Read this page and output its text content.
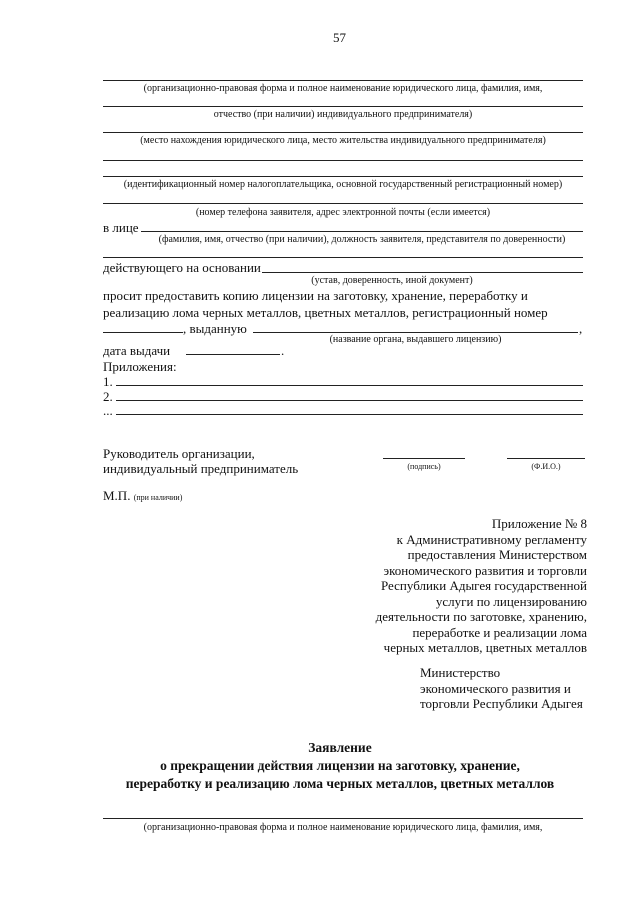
57
(организационно-правовая форма и полное наименование юридического лица, фамилия, имя,
отчество (при наличии) индивидуального предпринимателя)
(место нахождения юридического лица, место жительства индивидуального предпринимателя)
(идентификационный номер налогоплательщика, основной государственный регистрационный номер)
(номер телефона заявителя, адрес электронной почты (если имеется)
в лице
(фамилия, имя, отчество (при наличии), должность заявителя, представителя по доверенности)
действующего на основании
(устав, доверенность, иной документ)
просит предоставить копию лицензии на заготовку, хранение, переработку и
реализацию лома черных металлов, цветных металлов, регистрационный номер
, выданную	,
(название органа, выдавшего лицензию)
дата выдачи	.
Приложения:
1.
2.
...
Руководитель организации,
индивидуальный предприниматель	(подпись)	(Ф.И.О.)
М.П. (при наличии)
Приложение № 8
к Административному регламенту
предоставления Министерством
экономического развития и торговли
Республики Адыгея государственной
услуги по лицензированию
деятельности по заготовке, хранению,
переработке и реализации лома
черных металлов, цветных металлов
Министерство
экономического развития и
торговли Республики Адыгея
Заявление
о прекращении действия лицензии на заготовку, хранение,
переработку и реализацию лома черных металлов, цветных металлов
(организационно-правовая форма и полное наименование юридического лица, фамилия, имя,
